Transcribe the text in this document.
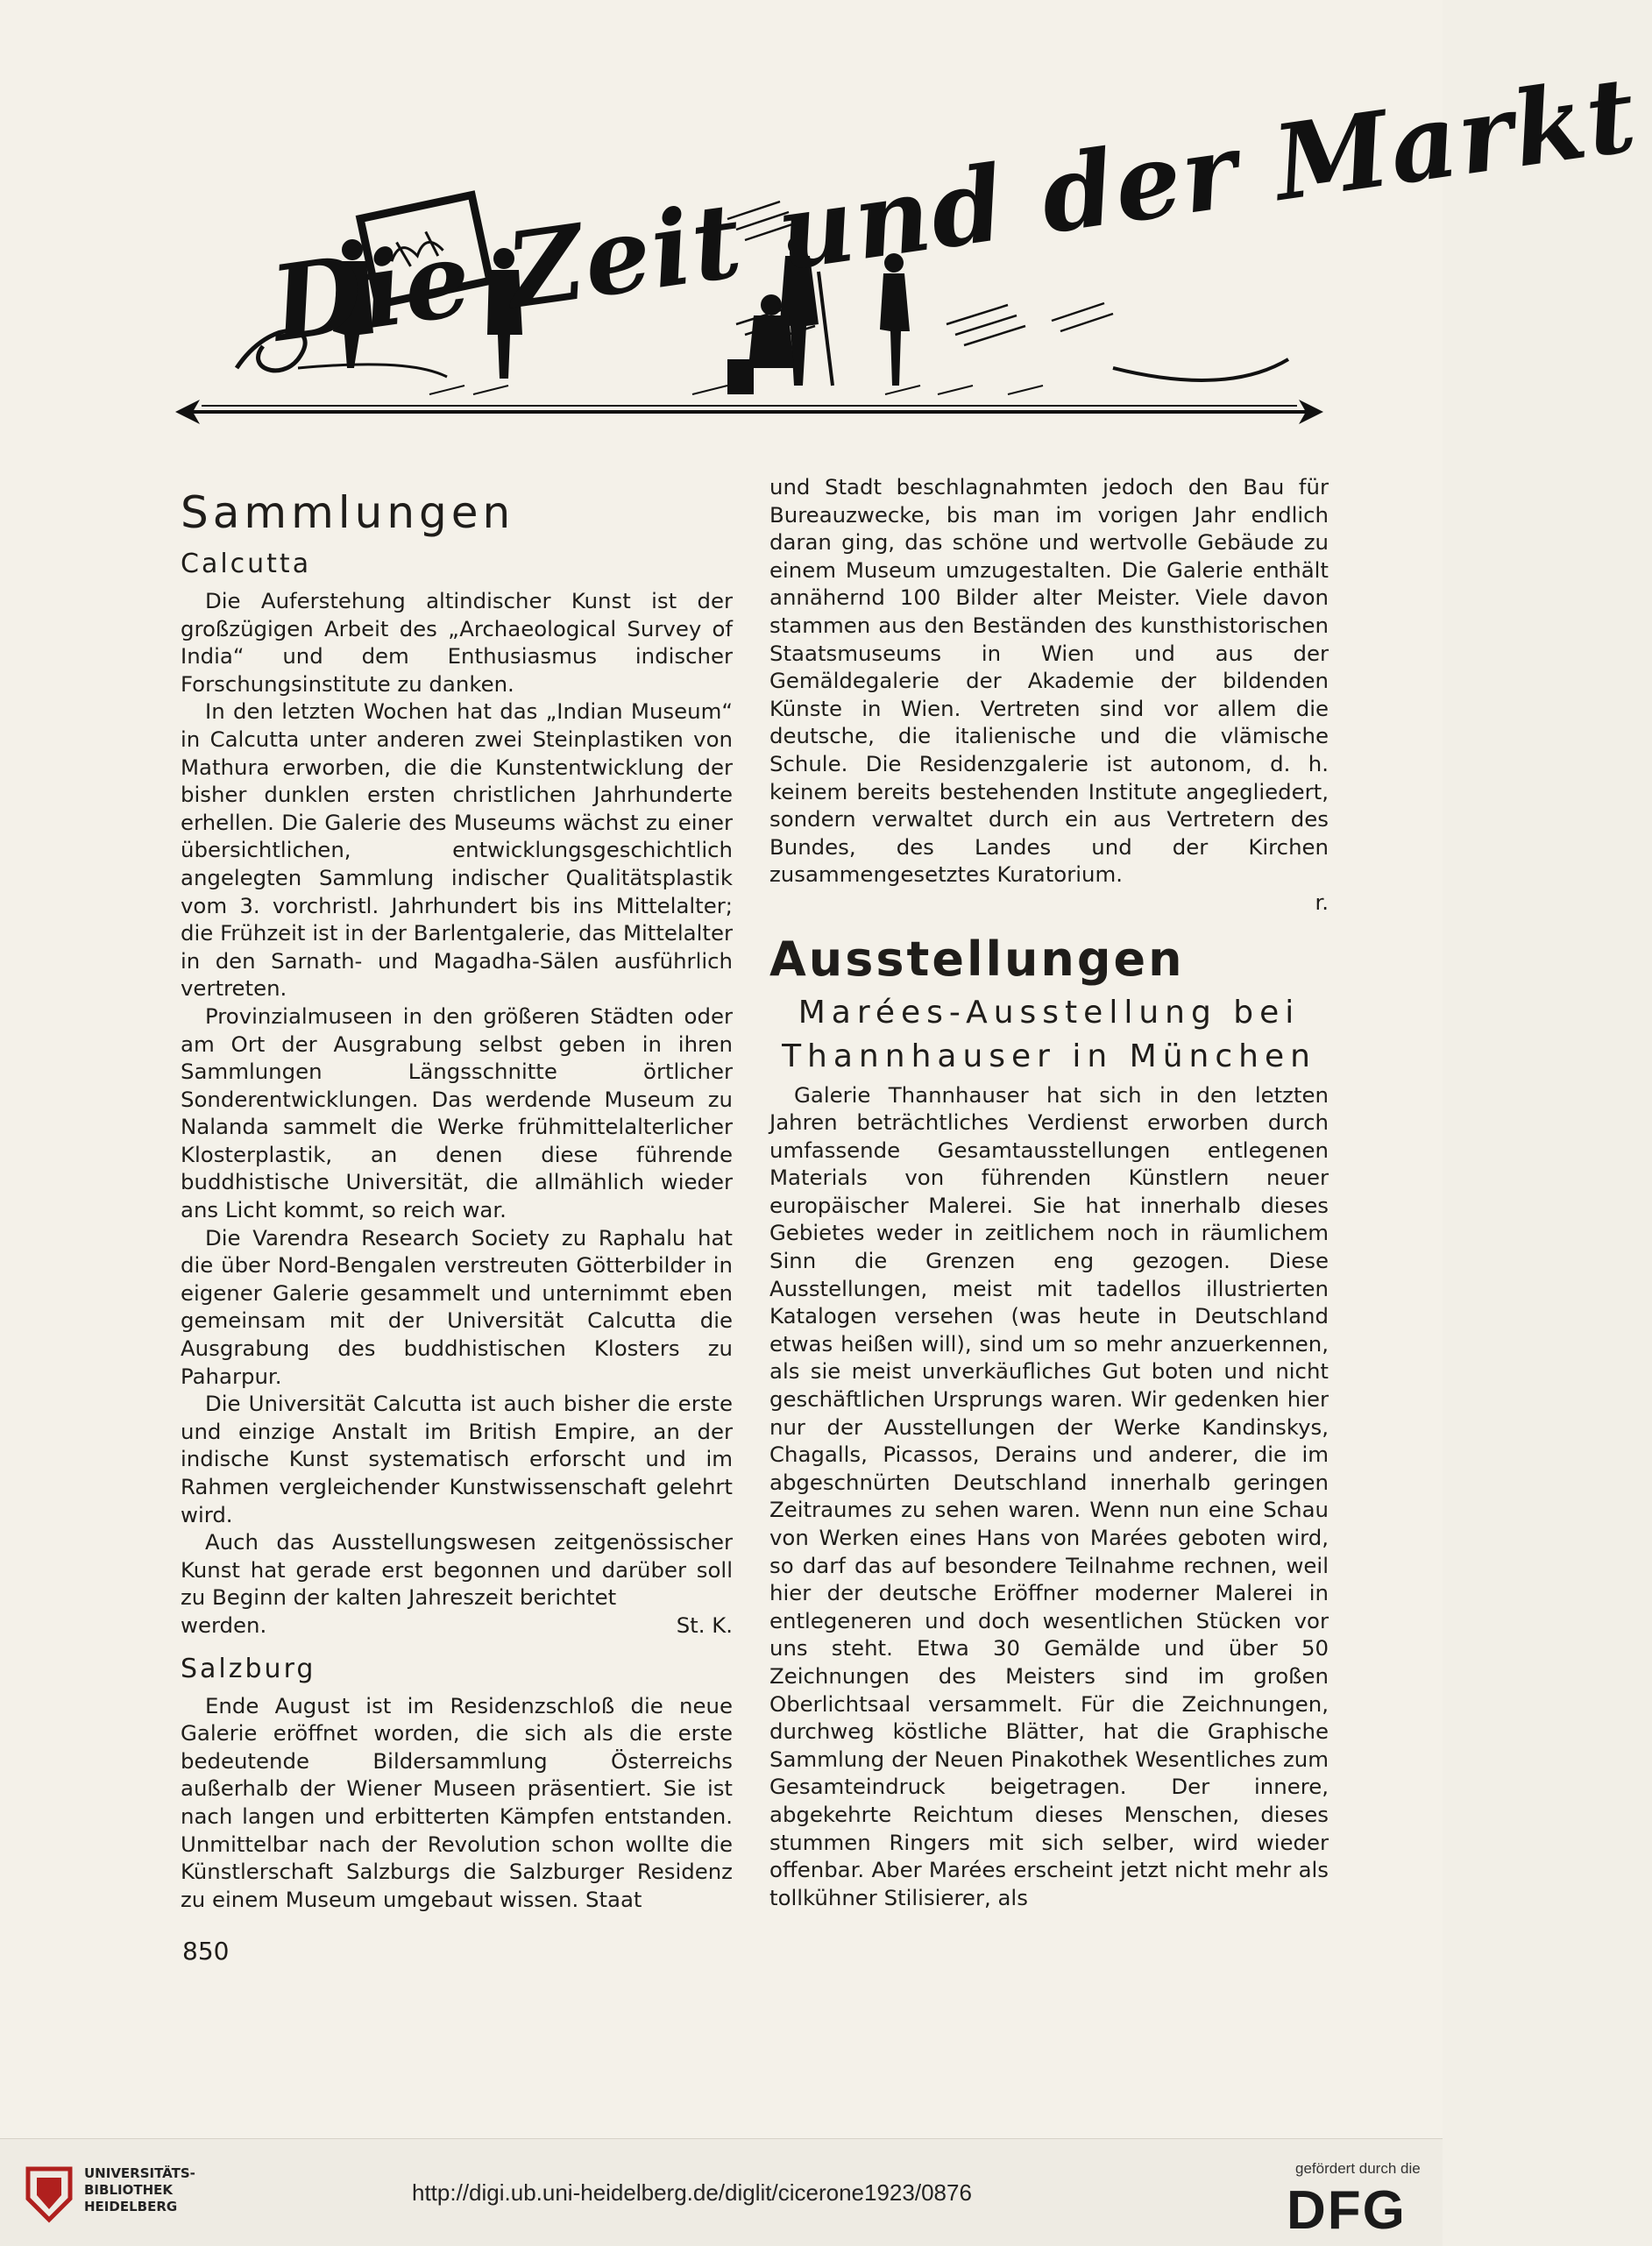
Die Zeit und der Markt
Sammlungen
Calcutta

Die Auferstehung altindischer Kunst ist der großzügigen Arbeit des „Archaeological Survey of India“ und dem Enthusiasmus indischer Forschungsinstitute zu danken.

In den letzten Wochen hat das „Indian Museum“ in Calcutta unter anderen zwei Steinplastiken von Mathura erworben, die die Kunstentwicklung der bisher dunklen ersten christlichen Jahrhunderte erhellen. Die Galerie des Museums wächst zu einer übersichtlichen, entwicklungsgeschichtlich angelegten Sammlung indischer Qualitätsplastik vom 3. vorchristl. Jahrhundert bis ins Mittelalter; die Frühzeit ist in der Barlentgalerie, das Mittelalter in den Sarnath- und Magadha-Sälen ausführlich vertreten.

Provinzialmuseen in den größeren Städten oder am Ort der Ausgrabung selbst geben in ihren Sammlungen Längsschnitte örtlicher Sonderentwicklungen. Das werdende Museum zu Nalanda sammelt die Werke frühmittelalterlicher Klosterplastik, an denen diese führende buddhistische Universität, die allmählich wieder ans Licht kommt, so reich war.

Die Varendra Research Society zu Raphalu hat die über Nord-Bengalen verstreuten Götterbilder in eigener Galerie gesammelt und unternimmt eben gemeinsam mit der Universität Calcutta die Ausgrabung des buddhistischen Klosters zu Paharpur.

Die Universität Calcutta ist auch bisher die erste und einzige Anstalt im British Empire, an der indische Kunst systematisch erforscht und im Rahmen vergleichender Kunstwissenschaft gelehrt wird.

Auch das Ausstellungswesen zeitgenössischer Kunst hat gerade erst begonnen und darüber soll zu Beginn der kalten Jahreszeit berichtet

werden.	St. K.

Salzburg

Ende August ist im Residenzschloß die neue Galerie eröffnet worden, die sich als die erste bedeutende Bildersammlung Österreichs außerhalb der Wiener Museen präsentiert. Sie ist nach langen und erbitterten Kämpfen entstanden. Unmittelbar nach der Revolution schon wollte die Künstlerschaft Salzburgs die Salzburger Residenz zu einem Museum umgebaut wissen. Staat

und Stadt beschlagnahmten jedoch den Bau für Bureauzwecke, bis man im vorigen Jahr endlich daran ging, das schöne und wertvolle Gebäude zu einem Museum umzugestalten. Die Galerie enthält annähernd 100 Bilder alter Meister. Viele davon stammen aus den Beständen des kunsthistorischen Staatsmuseums in Wien und aus der Gemäldegalerie der Akademie der bildenden Künste in Wien. Vertreten sind vor allem die deutsche, die italienische und die vlämische Schule. Die Residenzgalerie ist autonom, d. h. keinem bereits bestehenden Institute angegliedert, sondern verwaltet durch ein aus Vertretern des Bundes, des Landes und der Kirchen zusammengesetztes Kuratorium.

r.

Ausstellungen
Marées-Ausstellung bei
Thannhauser in München

Galerie Thannhauser hat sich in den letzten Jahren beträchtliches Verdienst erworben durch umfassende Gesamtausstellungen entlegenen Materials von führenden Künstlern neuer europäischer Malerei. Sie hat innerhalb dieses Gebietes weder in zeitlichem noch in räumlichem Sinn die Grenzen eng gezogen. Diese Ausstellungen, meist mit tadellos illustrierten Katalogen versehen (was heute in Deutschland etwas heißen will), sind um so mehr anzuerkennen, als sie meist unverkäufliches Gut boten und nicht geschäftlichen Ursprungs waren. Wir gedenken hier nur der Ausstellungen der Werke Kandinskys, Chagalls, Picassos, Derains und anderer, die im abgeschnürten Deutschland innerhalb geringen Zeitraumes zu sehen waren. Wenn nun eine Schau von Werken eines Hans von Marées geboten wird, so darf das auf besondere Teilnahme rechnen, weil hier der deutsche Eröffner moderner Malerei in entlegeneren und doch wesentlichen Stücken vor uns steht. Etwa 30 Gemälde und über 50 Zeichnungen des Meisters sind im großen Oberlichtsaal versammelt. Für die Zeichnungen, durchweg köstliche Blätter, hat die Graphische Sammlung der Neuen Pinakothek Wesentliches zum Gesamteindruck beigetragen. Der innere, abgekehrte Reichtum dieses Menschen, dieses stummen Ringers mit sich selber, wird wieder offenbar. Aber Marées erscheint jetzt nicht mehr als tollkühner Stilisierer, als

850
UNIVERSITÄTS-
BIBLIOTHEK
HEIDELBERG
http://digi.ub.uni-heidelberg.de/diglit/cicerone1923/0876
gefördert durch die
DFG
